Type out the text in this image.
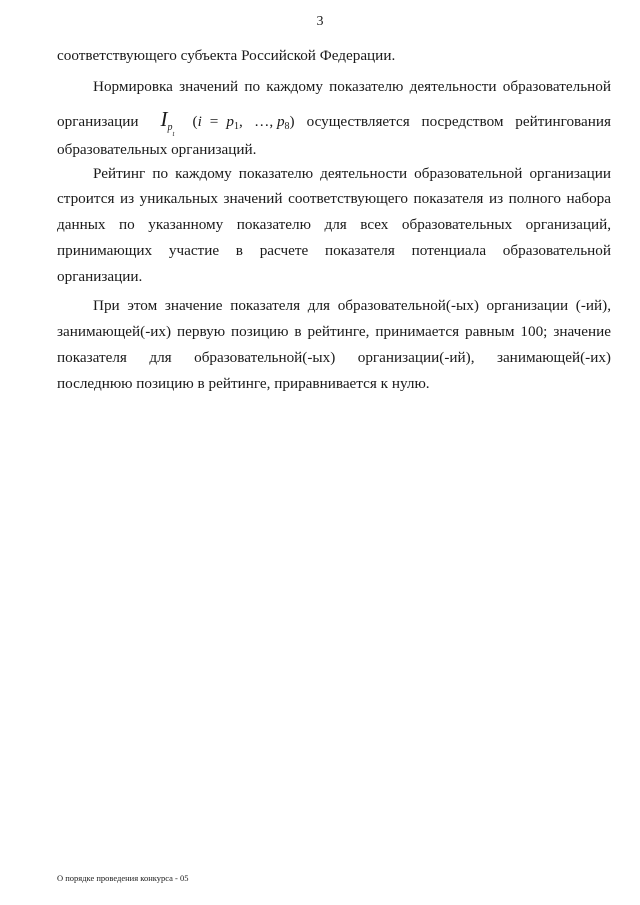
3
соответствующего субъекта Российской Федерации.
Нормировка значений по каждому показателю деятельности образовательной
организации $I_{p_t}$
(i = p1,   …, p8) осуществляется посредством рейтингования
образовательных организаций.
Рейтинг по каждому показателю деятельности образовательной организации
строится из уникальных значений соответствующего показателя из полного набора
данных по указанному показателю для всех образовательных организаций,
принимающих участие в расчете показателя потенциала образовательной
организации.
При этом значение показателя для образовательной(-ых) организации (-ий),
занимающей(-их) первую позицию в рейтинге, принимается равным 100; значение
показателя для образовательной(-ых) организации(-ий), занимающей(-их)
последнюю позицию в рейтинге, приравнивается к нулю.
О порядке проведения конкурса - 05
